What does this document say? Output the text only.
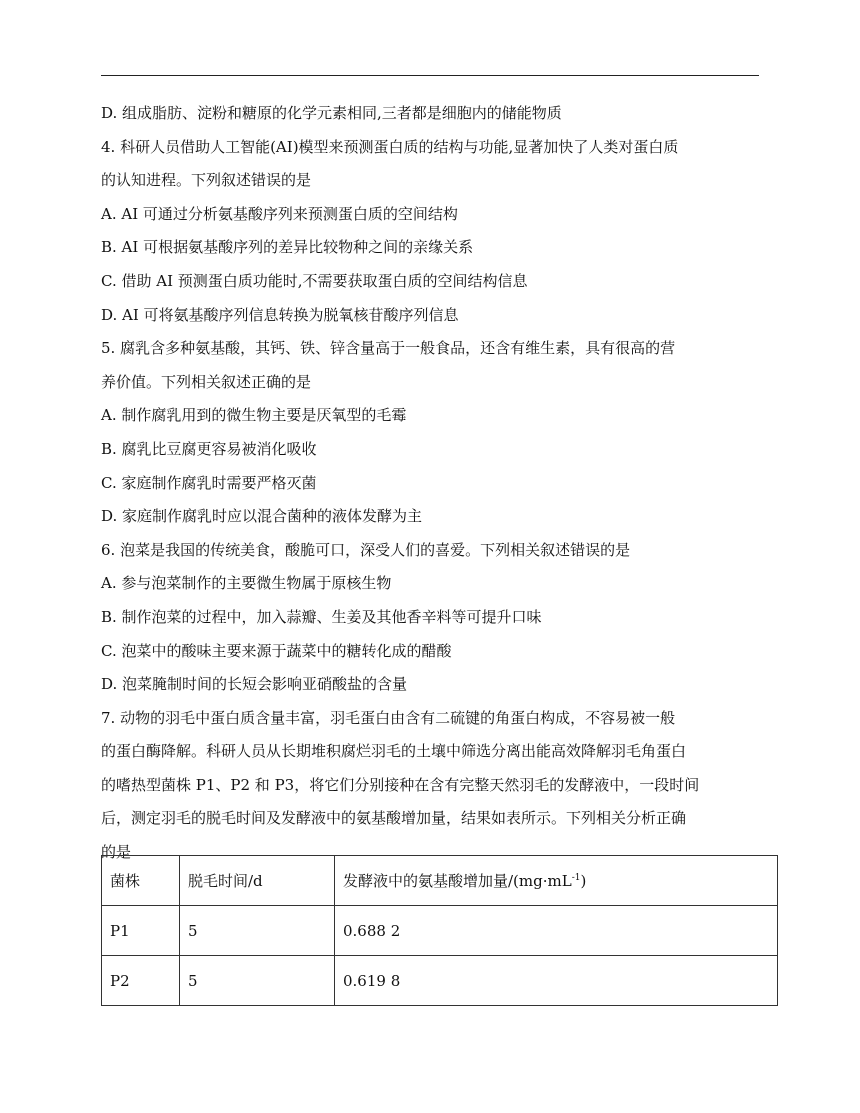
D. 组成脂肪、淀粉和糖原的化学元素相同,三者都是细胞内的储能物质
4. 科研人员借助人工智能(AI)模型来预测蛋白质的结构与功能,显著加快了人类对蛋白质
的认知进程。下列叙述错误的是
A. AI 可通过分析氨基酸序列来预测蛋白质的空间结构
B. AI 可根据氨基酸序列的差异比较物种之间的亲缘关系
C. 借助 AI 预测蛋白质功能时,不需要获取蛋白质的空间结构信息
D. AI 可将氨基酸序列信息转换为脱氧核苷酸序列信息
5. 腐乳含多种氨基酸，其钙、铁、锌含量高于一般食品，还含有维生素，具有很高的营
养价值。下列相关叙述正确的是
A. 制作腐乳用到的微生物主要是厌氧型的毛霉
B. 腐乳比豆腐更容易被消化吸收
C. 家庭制作腐乳时需要严格灭菌
D. 家庭制作腐乳时应以混合菌种的液体发酵为主
6. 泡菜是我国的传统美食，酸脆可口，深受人们的喜爱。下列相关叙述错误的是
A. 参与泡菜制作的主要微生物属于原核生物
B. 制作泡菜的过程中，加入蒜瓣、生姜及其他香辛料等可提升口味
C. 泡菜中的酸味主要来源于蔬菜中的糖转化成的醋酸
D. 泡菜腌制时间的长短会影响亚硝酸盐的含量
7. 动物的羽毛中蛋白质含量丰富，羽毛蛋白由含有二硫键的角蛋白构成，不容易被一般
的蛋白酶降解。科研人员从长期堆积腐烂羽毛的土壤中筛选分离出能高效降解羽毛角蛋白
的嗜热型菌株 P1、P2 和 P3，将它们分别接种在含有完整天然羽毛的发酵液中，一段时间
后，测定羽毛的脱毛时间及发酵液中的氨基酸增加量，结果如表所示。下列相关分析正确
的是
菌株	脱毛时间/d	发酵液中的氨基酸增加量$/(mg\cdot mL^{-1})$
P1	5	0.688 2
P2	5	0.619 8
